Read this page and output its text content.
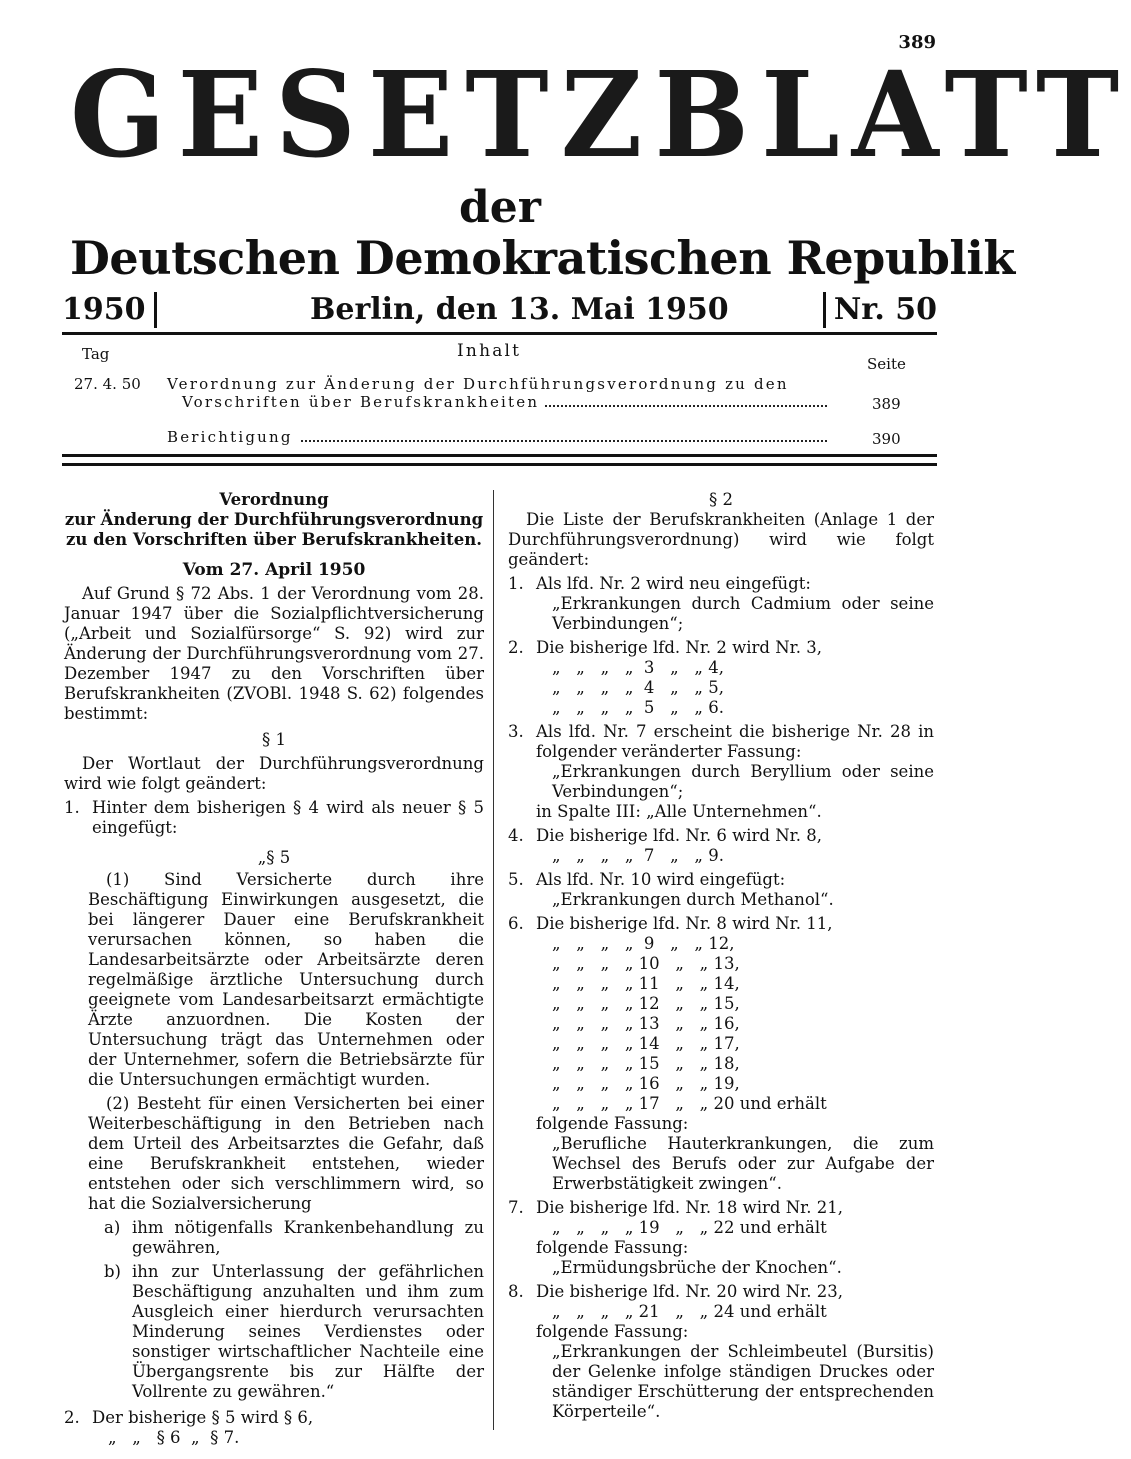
389
GESETZBLATT
der
Deutschen Demokratischen Republik
1950	Berlin, den 13. Mai 1950	Nr. 50
Tag	Inhalt
Seite
27. 4. 50 Verordnung zur Änderung der Durchführungsverordnung zu den
Vorschriften über Berufskrankheiten	389
Berichtigung	390

Verordnung

zur Änderung der Durchführungsverordnung

zu den Vorschriften über Berufskrankheiten.

Vom 27. April 1950

Auf Grund § 72 Abs. 1 der Verordnung vom 28. Januar 1947 über die Sozialpflichtversicherung („Arbeit und Sozialfürsorge“ S. 92) wird zur Änderung der Durchführungsverordnung vom 27. Dezember 1947 zu den Vorschriften über Berufskrankheiten (ZVOBl. 1948 S. 62) folgendes bestimmt:

§ 1

Der Wortlaut der Durchführungsverordnung wird wie folgt geändert:

1. Hinter dem bisherigen § 4 wird als neuer § 5 eingefügt:

„§ 5

(1) Sind Versicherte durch ihre Beschäftigung Einwirkungen ausgesetzt, die bei längerer Dauer eine Berufskrankheit verursachen können, so haben die Landesarbeitsärzte oder Arbeitsärzte deren regelmäßige ärztliche Untersuchung durch geeignete vom Landesarbeitsarzt ermächtigte Ärzte anzuordnen. Die Kosten der Untersuchung trägt das Unternehmen oder der Unternehmer, sofern die Betriebsärzte für die Untersuchungen ermächtigt wurden.

(2) Besteht für einen Versicherten bei einer Weiterbeschäftigung in den Betrieben nach dem Urteil des Arbeitsarztes die Gefahr, daß eine Berufskrankheit entstehen, wieder entstehen oder sich verschlimmern wird, so hat die Sozialversicherung

a) ihm nötigenfalls Krankenbehandlung zu gewähren,
b) ihn zur Unterlassung der gefährlichen Beschäftigung anzuhalten und ihm zum Ausgleich einer hierdurch verursachten Minderung seines Verdienstes oder sonstiger wirtschaftlicher Nachteile eine Übergangsrente bis zur Hälfte der Vollrente zu gewähren.“
2. Der bisherige § 5 wird § 6,

„   „   § 6  „  § 7.

§ 2

Die Liste der Berufskrankheiten (Anlage 1 der Durchführungsverordnung) wird wie folgt geändert:

1. Als lfd. Nr. 2 wird neu eingefügt:

„Erkrankungen durch Cadmium oder seine Verbindungen“;

2. Die bisherige lfd. Nr. 2 wird Nr. 3,

„   „   „   „  3   „   „ 4,

„   „   „   „  4   „   „ 5,

„   „   „   „  5   „   „ 6.

3. Als lfd. Nr. 7 erscheint die bisherige Nr. 28 in folgender veränderter Fassung:

„Erkrankungen durch Beryllium oder seine Verbindungen“;

in Spalte III: „Alle Unternehmen“.

4. Die bisherige lfd. Nr. 6 wird Nr. 8,

„   „   „   „  7   „   „ 9.

5. Als lfd. Nr. 10 wird eingefügt:

„Erkrankungen durch Methanol“.

6. Die bisherige lfd. Nr. 8 wird Nr. 11,

„   „   „   „  9   „   „ 12,

„   „   „   „ 10   „   „ 13,

„   „   „   „ 11   „   „ 14,

„   „   „   „ 12   „   „ 15,

„   „   „   „ 13   „   „ 16,

„   „   „   „ 14   „   „ 17,

„   „   „   „ 15   „   „ 18,

„   „   „   „ 16   „   „ 19,

„   „   „   „ 17   „   „ 20 und erhält

folgende Fassung:

„Berufliche Hauterkrankungen, die zum Wechsel des Berufs oder zur Aufgabe der Erwerbstätigkeit zwingen“.

7. Die bisherige lfd. Nr. 18 wird Nr. 21,

„   „   „   „ 19   „   „ 22 und erhält

folgende Fassung:

„Ermüdungsbrüche der Knochen“.

8. Die bisherige lfd. Nr. 20 wird Nr. 23,

„   „   „   „ 21   „   „ 24 und erhält

folgende Fassung:

„Erkrankungen der Schleimbeutel (Bursitis) der Gelenke infolge ständigen Druckes oder ständiger Erschütterung der entsprechenden Körperteile“.
